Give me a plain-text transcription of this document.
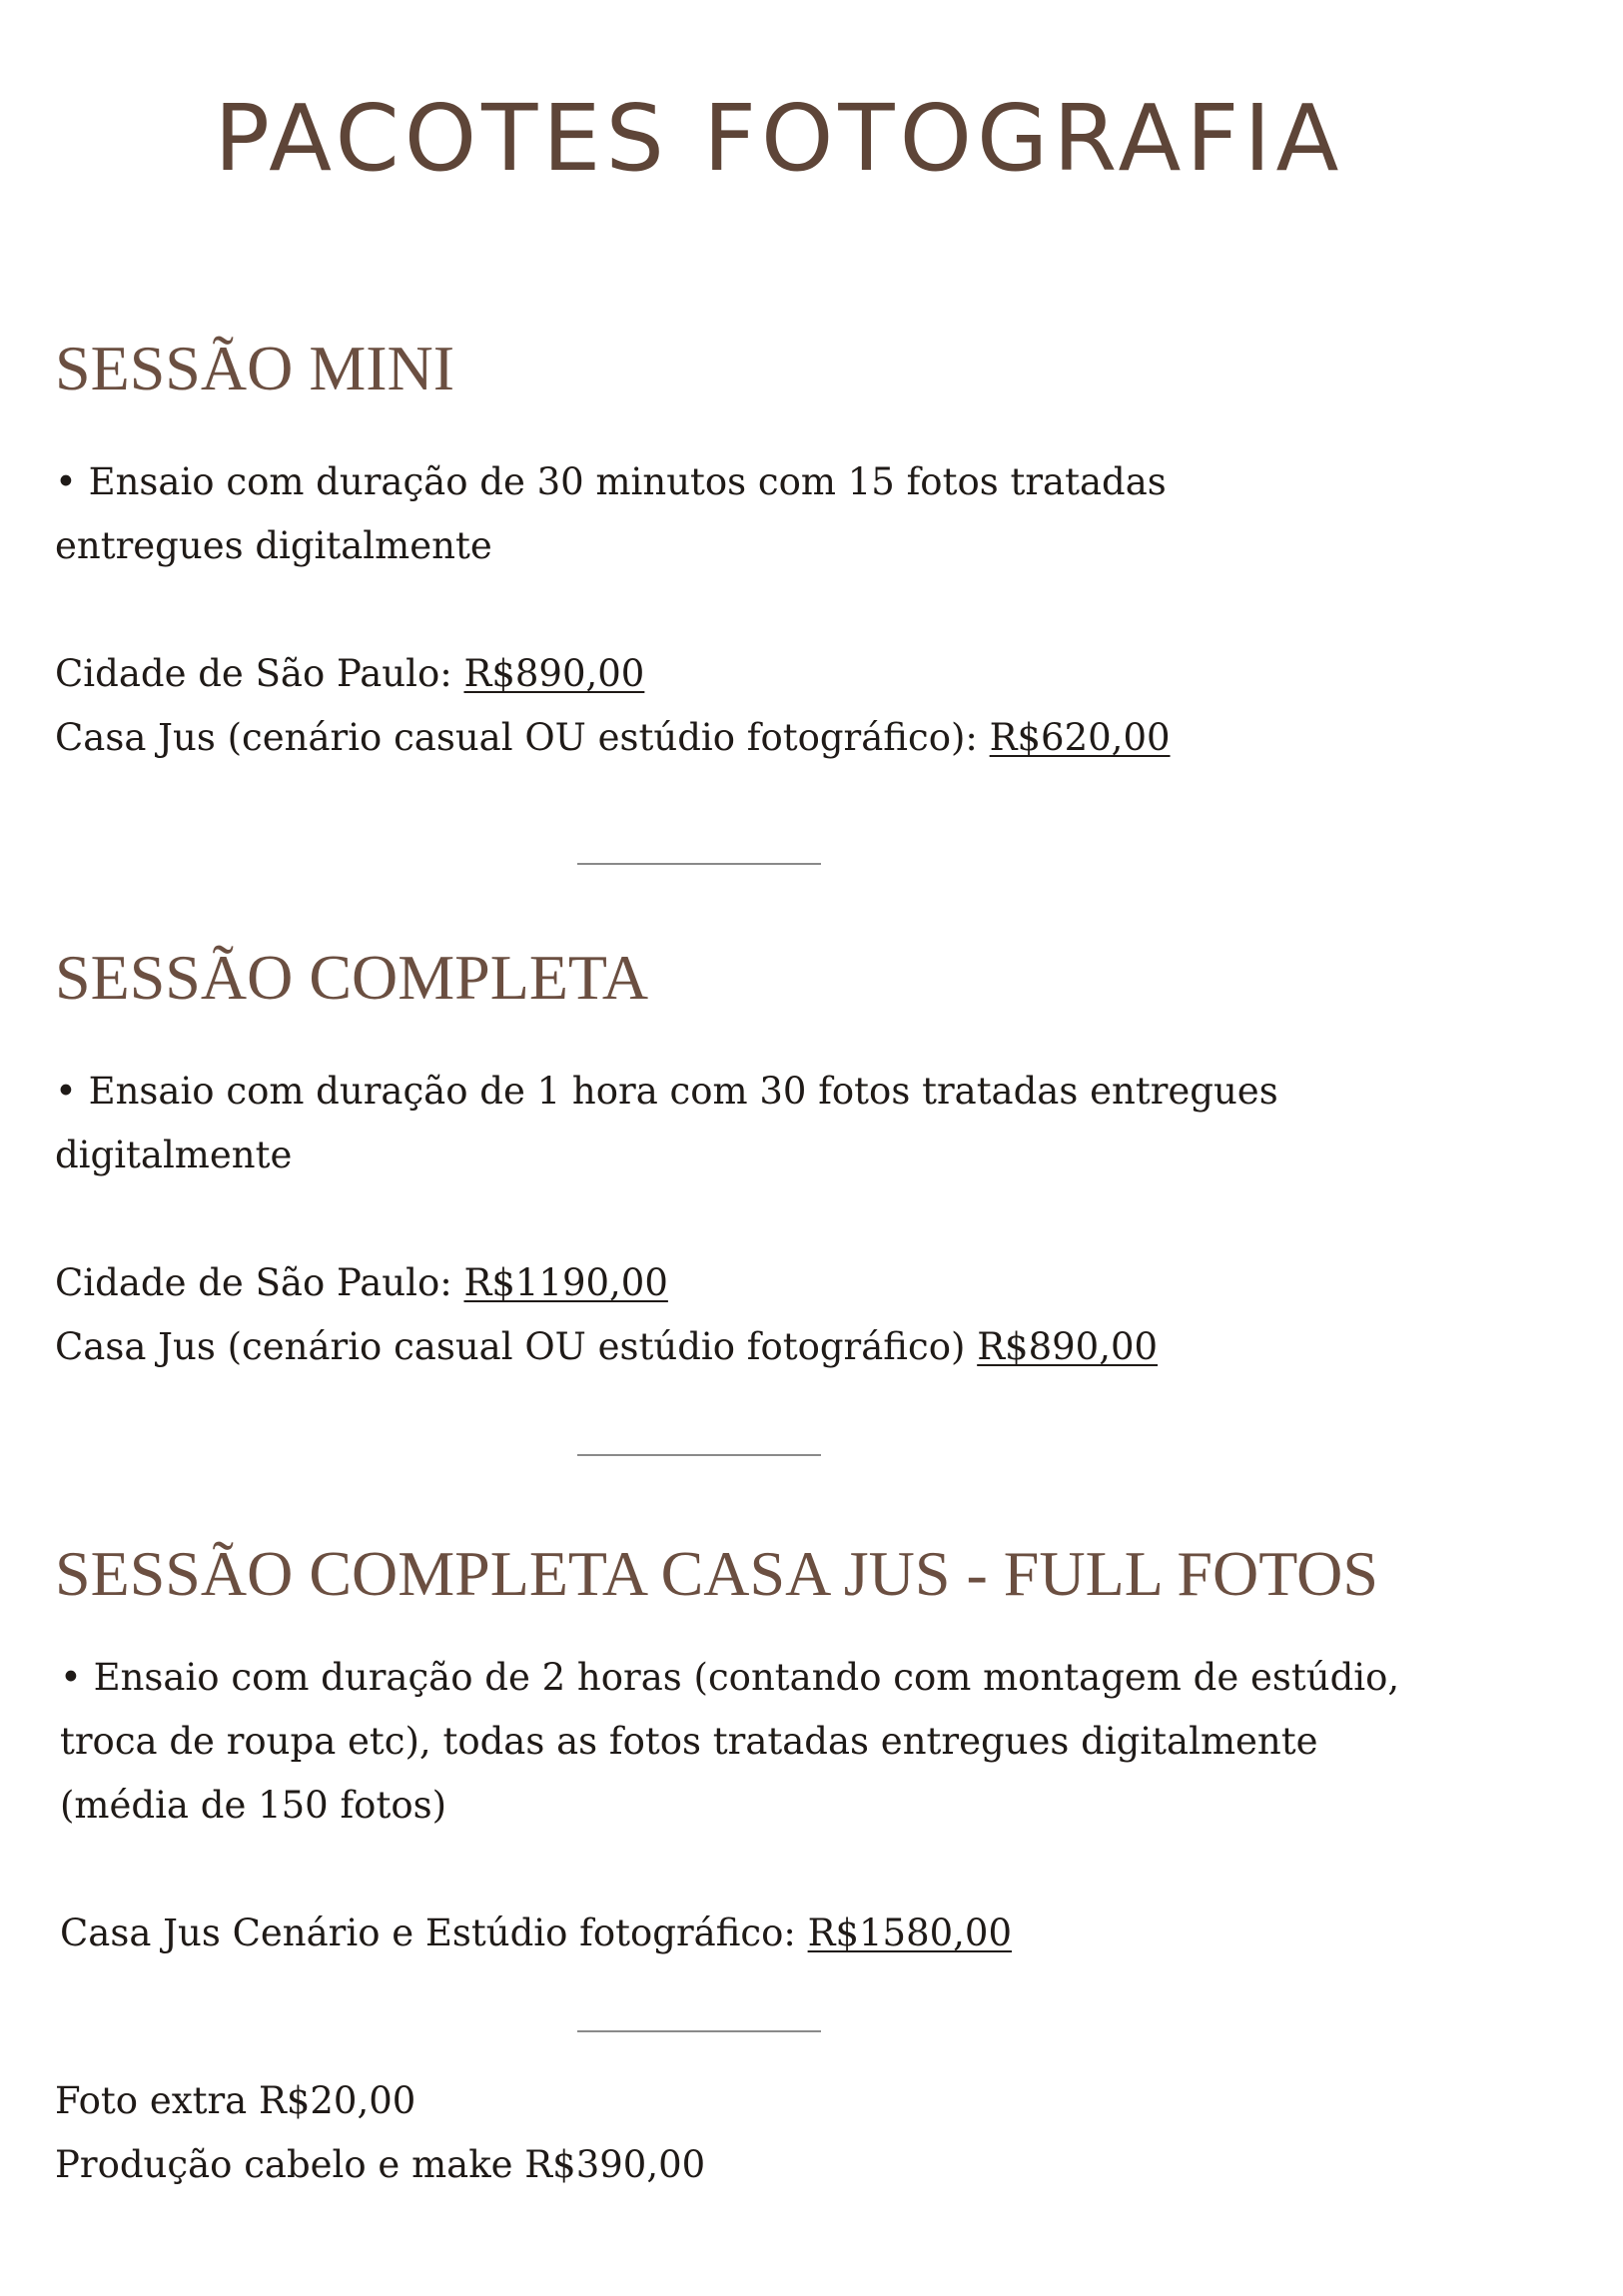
PACOTES FOTOGRAFIA
SESSÃO MINI

• Ensaio com duração de 30 minutos com 15 fotos tratadas

entregues digitalmente

Cidade de São Paulo: R$890,00

Casa Jus (cenário casual OU estúdio fotográfico): R$620,00

SESSÃO COMPLETA

• Ensaio com duração de 1 hora com 30 fotos tratadas entregues

digitalmente

Cidade de São Paulo: R$1190,00

Casa Jus (cenário casual OU estúdio fotográfico) R$890,00

SESSÃO COMPLETA CASA JUS - FULL FOTOS

• Ensaio com duração de 2 horas (contando com montagem de estúdio,

troca de roupa etc), todas as fotos tratadas entregues digitalmente

(média de 150 fotos)

Casa Jus Cenário e Estúdio fotográfico: R$1580,00

Foto extra R$20,00

Produção cabelo e make R$390,00
